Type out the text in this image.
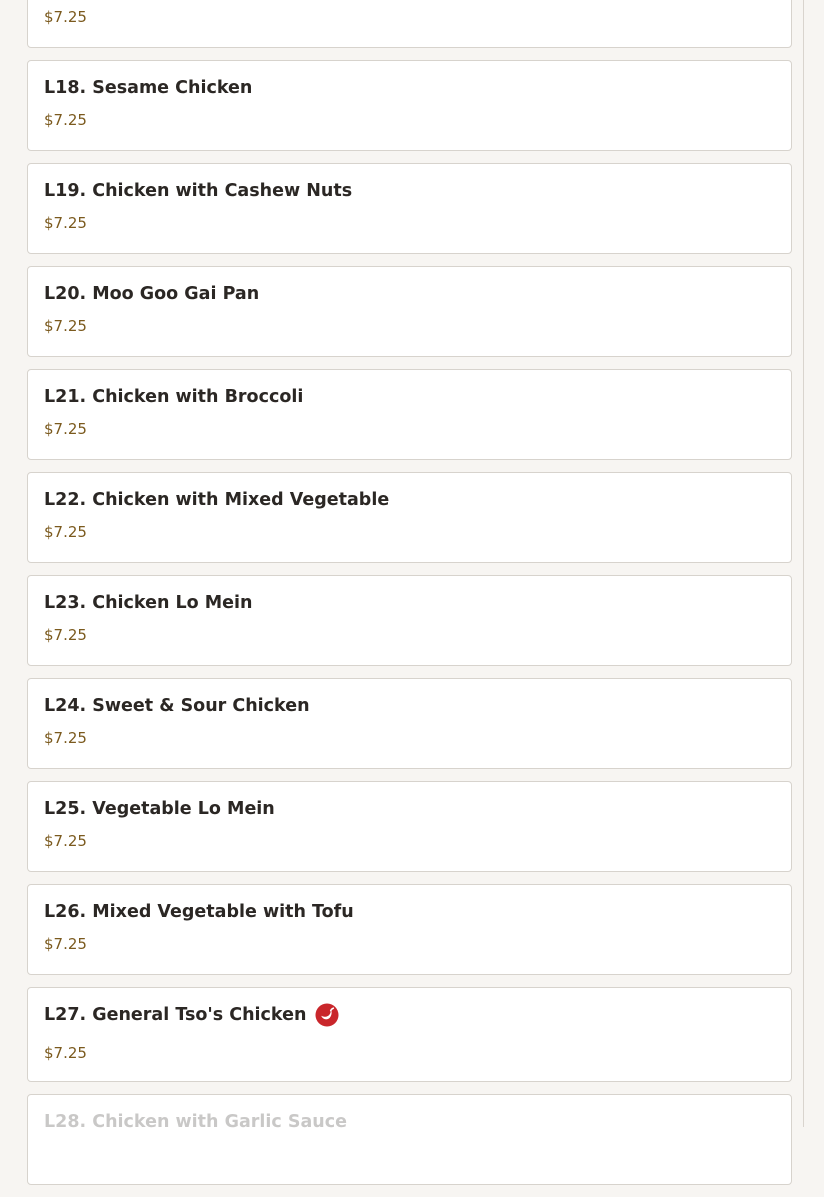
$7.25
L18. Sesame Chicken
$7.25
L19. Chicken with Cashew Nuts
$7.25
L20. Moo Goo Gai Pan
$7.25
L21. Chicken with Broccoli
$7.25
L22. Chicken with Mixed Vegetable
$7.25
L23. Chicken Lo Mein
$7.25
L24. Sweet & Sour Chicken
$7.25
L25. Vegetable Lo Mein
$7.25
L26. Mixed Vegetable with Tofu
$7.25
L27. General Tso's Chicken
$7.25
L28. Chicken with Garlic Sauce
